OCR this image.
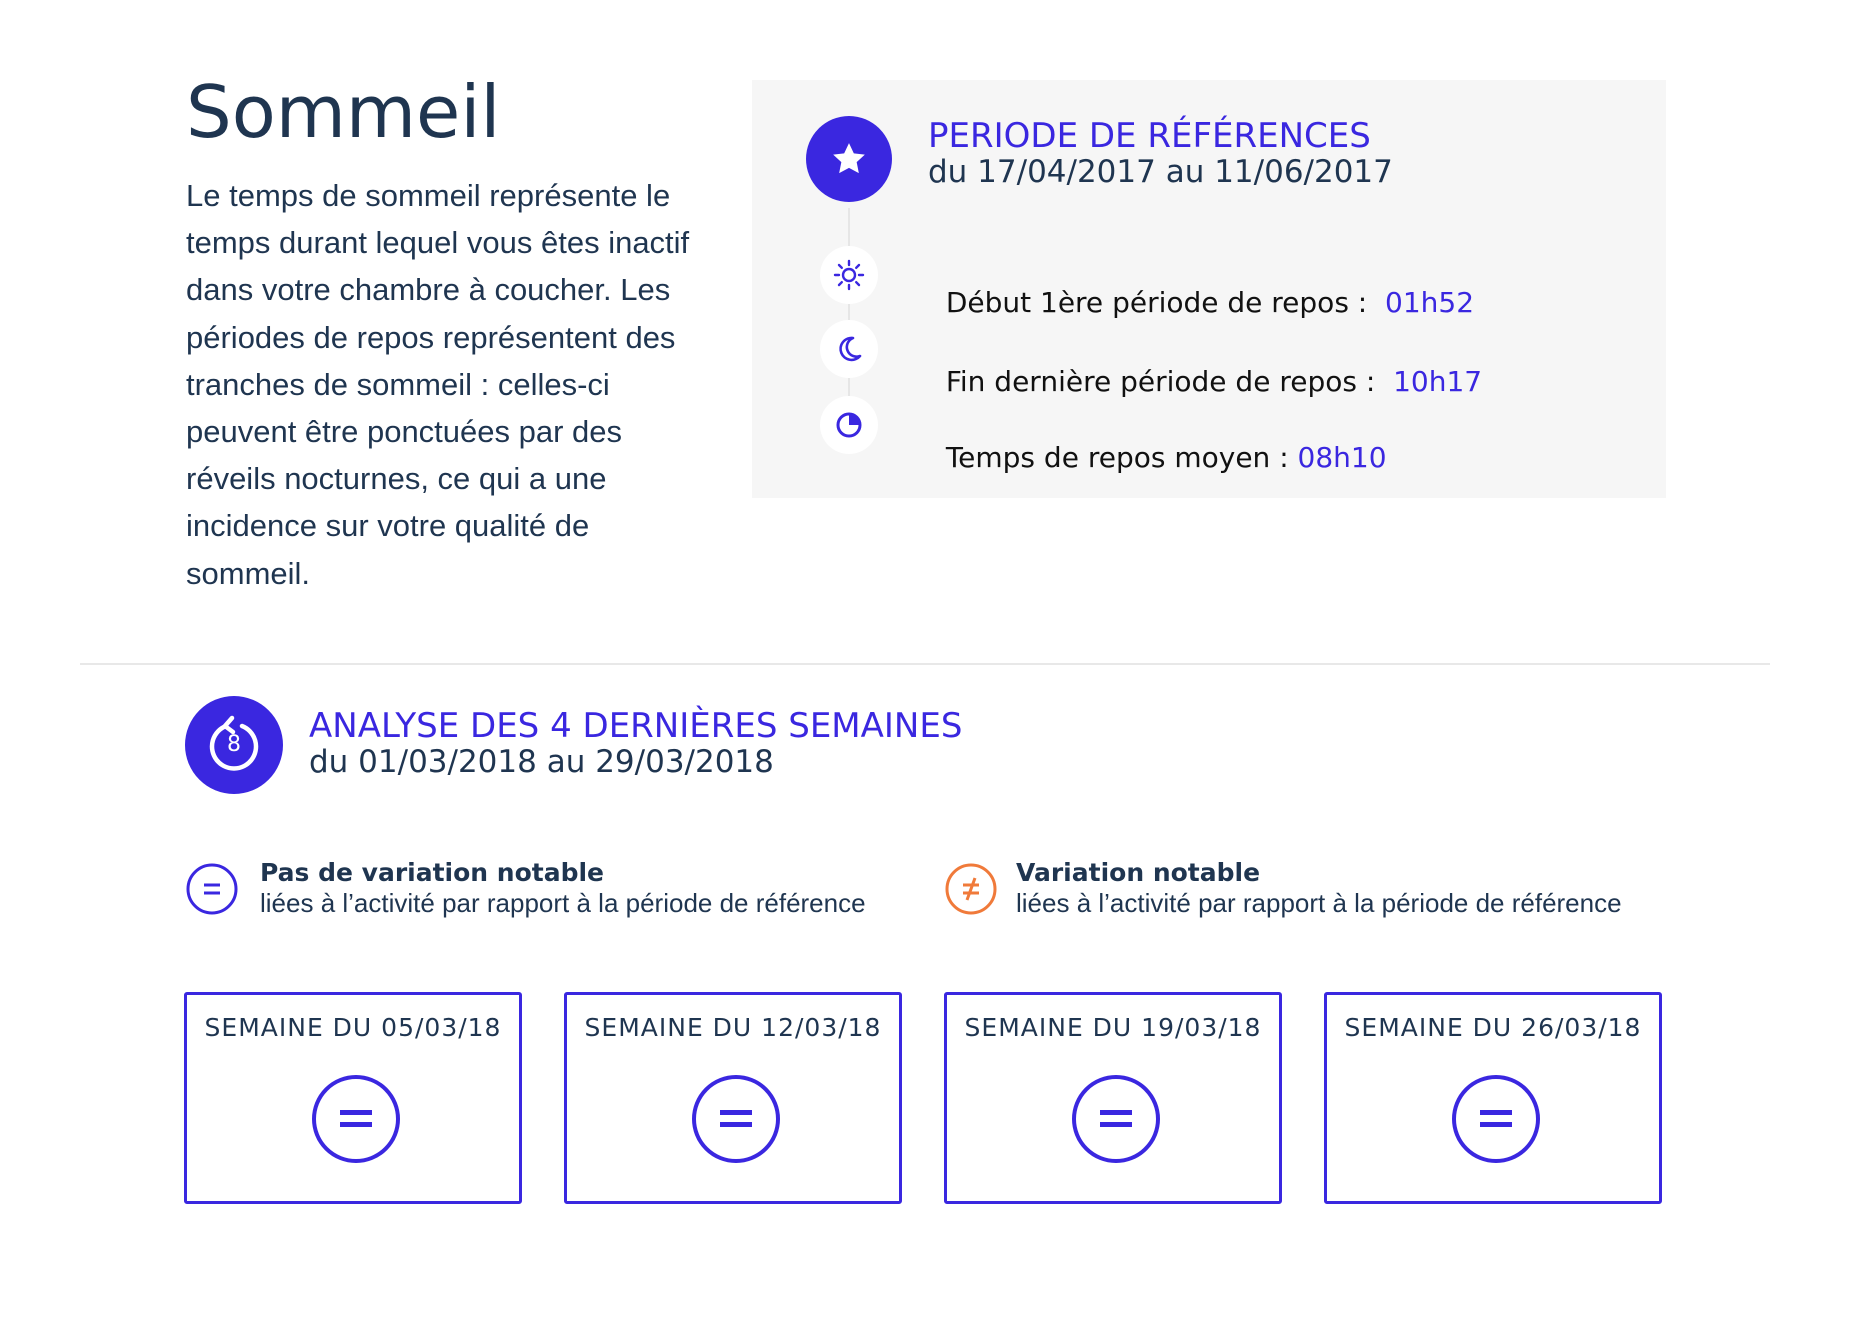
Sommeil
Le temps de sommeil représente le temps durant lequel vous êtes inactif dans votre chambre à coucher. Les périodes de repos représentent des tranches de sommeil : celles-ci peuvent être ponctuées par des réveils nocturnes, ce qui a une incidence sur votre qualité de sommeil.
PERIODE DE RÉFÉRENCES
du 17/04/2017 au 11/06/2017

Début 1ère période de repos :  01h52

Fin dernière période de repos :  10h17

Temps de repos moyen : 08h10

8	ANALYSE DES 4 DERNIÈRES SEMAINES
du 01/03/2018 au 29/03/2018
Pas de variation notable
liées à l’activité par rapport à la période de référence
Variation notable
liées à l’activité par rapport à la période de référence
SEMAINE DU 05/03/18	SEMAINE DU 12/03/18	SEMAINE DU 19/03/18	SEMAINE DU 26/03/18
